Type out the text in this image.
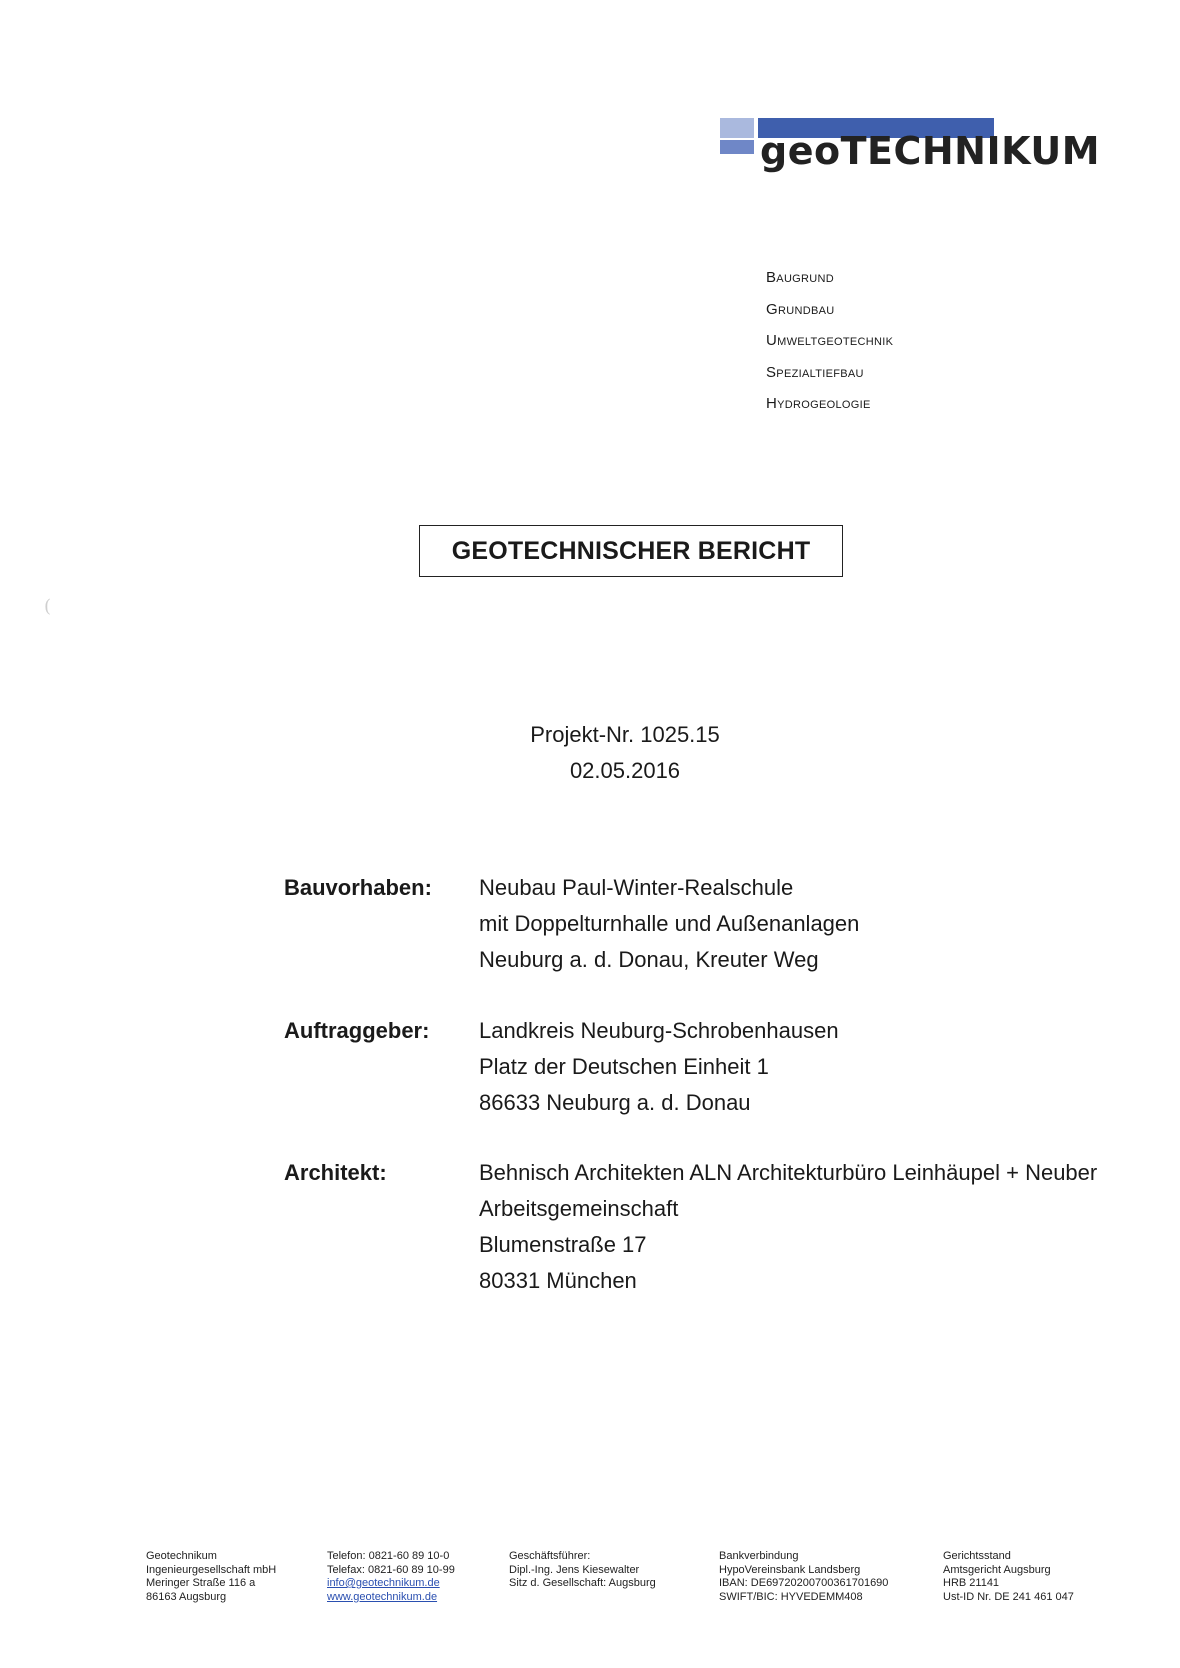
geoTECHNIKUM
Baugrund
Grundbau
Umweltgeotechnik
Spezialtiefbau
Hydrogeologie
(
GEOTECHNISCHER BERICHT
Projekt-Nr. 1025.15
02.05.2016
Bauvorhaben: Neubau Paul-Winter-Realschule
mit Doppelturnhalle und Außenanlagen
Neuburg a. d. Donau, Kreuter Weg
Auftraggeber: Landkreis Neuburg-Schrobenhausen
Platz der Deutschen Einheit 1
86633 Neuburg a. d. Donau
Architekt:	Behnisch Architekten ALN Architekturbüro Leinhäupel + Neuber
Arbeitsgemeinschaft
Blumenstraße 17
80331 München
Geotechnikum
Ingenieurgesellschaft mbH
Meringer Straße 116 a
86163 Augsburg
Telefon: 0821-60 89 10-0
Telefax: 0821-60 89 10-99
info@geotechnikum.de
www.geotechnikum.de
Geschäftsführer:
Dipl.-Ing. Jens Kiesewalter
Sitz d. Gesellschaft: Augsburg
Bankverbindung
HypoVereinsbank Landsberg
IBAN: DE69720200700361701690
SWIFT/BIC: HYVEDEMM408
Gerichtsstand
Amtsgericht Augsburg
HRB 21141
Ust-ID Nr. DE 241 461 047
